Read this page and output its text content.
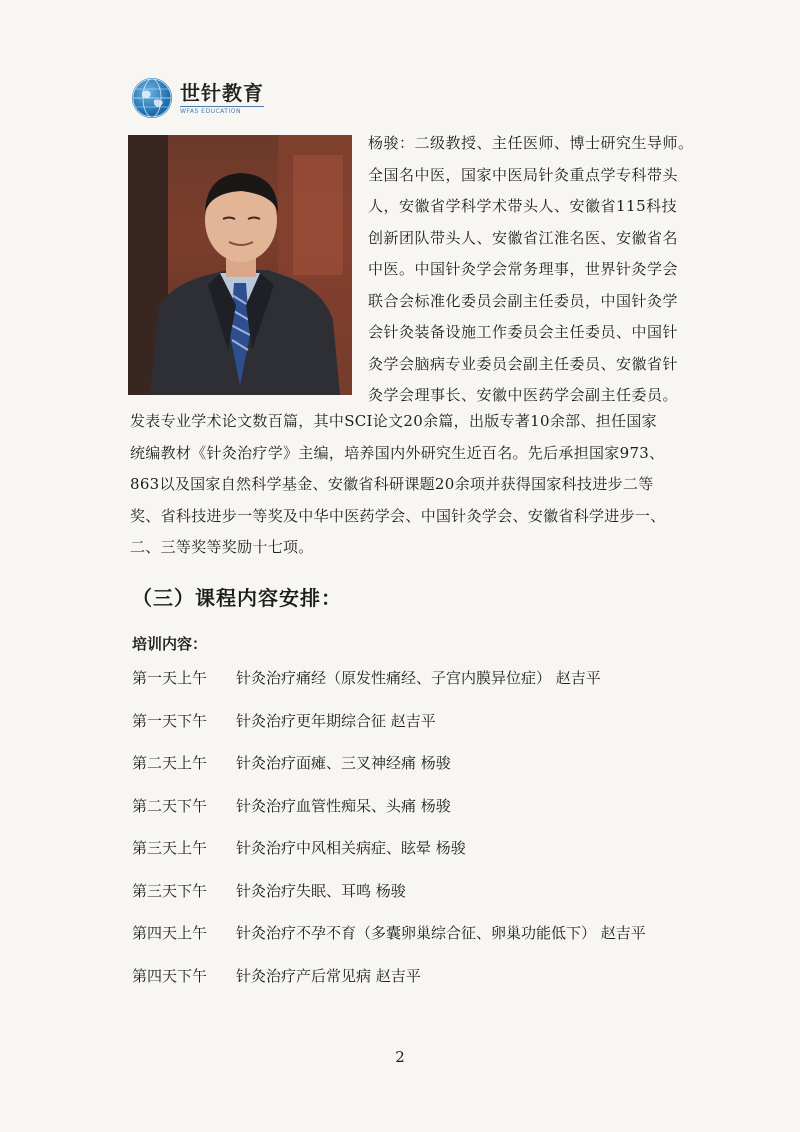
世针教育
WFAS EDUCATION
杨骏：二级教授、主任医师、博士研究生导师。
全国名中医，国家中医局针灸重点学专科带头
人，安徽省学科学术带头人、安徽省115科技
创新团队带头人、安徽省江淮名医、安徽省名
中医。中国针灸学会常务理事，世界针灸学会
联合会标准化委员会副主任委员，中国针灸学
会针灸装备设施工作委员会主任委员、中国针
灸学会脑病专业委员会副主任委员、安徽省针
灸学会理事长、安徽中医药学会副主任委员。
发表专业学术论文数百篇，其中SCI论文20余篇，出版专著10余部、担任国家
统编教材《针灸治疗学》主编，培养国内外研究生近百名。先后承担国家973、
863以及国家自然科学基金、安徽省科研课题20余项并获得国家科技进步二等
奖、省科技进步一等奖及中华中医药学会、中国针灸学会、安徽省科学进步一、
二、三等奖等奖励十七项。
（三）课程内容安排：
培训内容：
第一天上午	针灸治疗痛经（原发性痛经、子宫内膜异位症） 赵吉平
第一天下午	针灸治疗更年期综合征 赵吉平
第二天上午	针灸治疗面瘫、三叉神经痛 杨骏
第二天下午	针灸治疗血管性痴呆、头痛 杨骏
第三天上午	针灸治疗中风相关病症、眩晕 杨骏
第三天下午	针灸治疗失眠、耳鸣 杨骏
第四天上午	针灸治疗不孕不育（多囊卵巢综合征、卵巢功能低下） 赵吉平
第四天下午	针灸治疗产后常见病 赵吉平
2
